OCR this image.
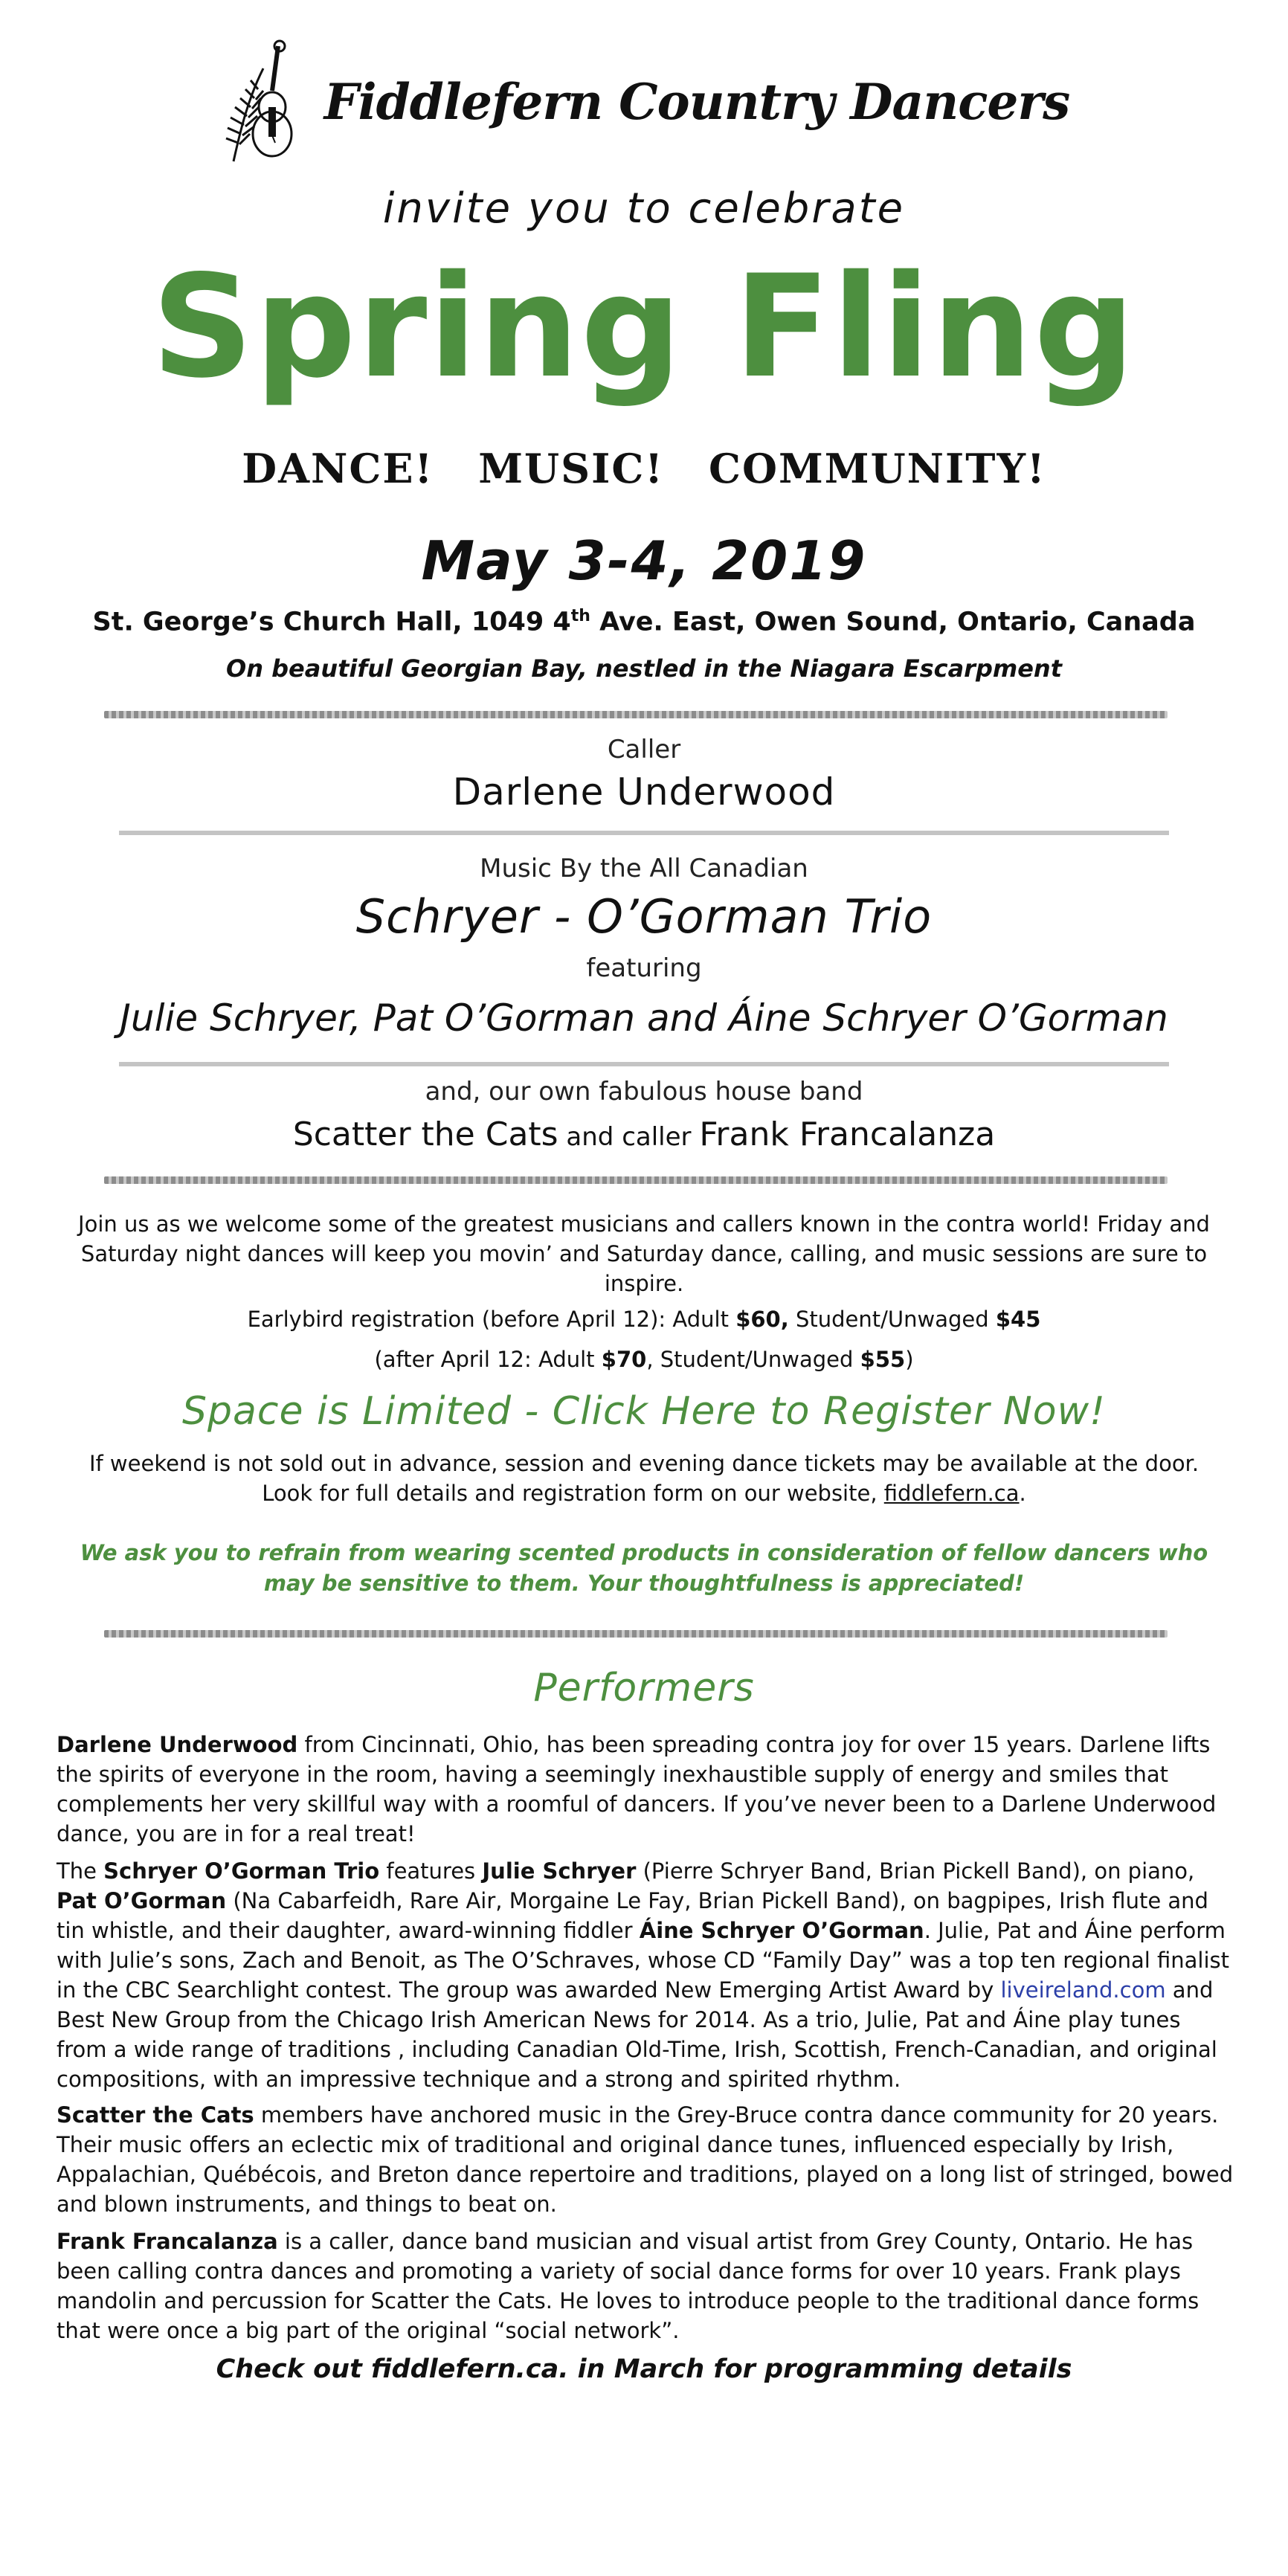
Fiddlefern Country Dancers
invite you to celebrate
Spring Fling
DANCE! MUSIC! COMMUNITY!
May 3-4, 2019
St. George’s Church Hall, 1049 4th Ave. East, Owen Sound, Ontario, Canada
On beautiful Georgian Bay, nestled in the Niagara Escarpment
Caller
Darlene Underwood
Music By the All Canadian
Schryer - O’Gorman Trio
featuring
Julie Schryer, Pat O’Gorman and Áine Schryer O’Gorman
and, our own fabulous house band
Scatter the Cats and caller Frank Francalanza
Join us as we welcome some of the greatest musicians and callers known in the contra world! Friday and Saturday night dances will keep you movin’ and Saturday dance, calling, and music sessions are sure to inspire.
Earlybird registration (before April 12): Adult $60, Student/Unwaged $45
(after April 12: Adult $70, Student/Unwaged $55)
Space is Limited - Click Here to Register Now!
If weekend is not sold out in advance, session and evening dance tickets may be available at the door.
Look for full details and registration form on our website, fiddlefern.ca.
We ask you to refrain from wearing scented products in consideration of fellow dancers who may be sensitive to them. Your thoughtfulness is appreciated!
Performers
Darlene Underwood from Cincinnati, Ohio, has been spreading contra joy for over 15 years. Darlene lifts the spirits of everyone in the room, having a seemingly inexhaustible supply of energy and smiles that complements her very skillful way with a roomful of dancers. If you’ve never been to a Darlene Underwood dance, you are in for a real treat!
The Schryer O’Gorman Trio features Julie Schryer (Pierre Schryer Band, Brian Pickell Band), on piano, Pat O’Gorman (Na Cabarfeidh, Rare Air, Morgaine Le Fay, Brian Pickell Band), on bagpipes, Irish flute and tin whistle, and their daughter, award-winning fiddler Áine Schryer O’Gorman. Julie, Pat and Áine perform with Julie’s sons, Zach and Benoit, as The O’Schraves, whose CD “Family Day” was a top ten regional finalist in the CBC Searchlight contest. The group was awarded New Emerging Artist Award by liveireland.com and Best New Group from the Chicago Irish American News for 2014. As a trio, Julie, Pat and Áine play tunes from a wide range of traditions , including Canadian Old-Time, Irish, Scottish, French-Canadian, and original compositions, with an impressive technique and a strong and spirited rhythm.
Scatter the Cats members have anchored music in the Grey-Bruce contra dance community for 20 years. Their music offers an eclectic mix of traditional and original dance tunes, influenced especially by Irish, Appalachian, Québécois, and Breton dance repertoire and traditions, played on a long list of stringed, bowed and blown instruments, and things to beat on.
Frank Francalanza is a caller, dance band musician and visual artist from Grey County, Ontario. He has been calling contra dances and promoting a variety of social dance forms for over 10 years. Frank plays mandolin and percussion for Scatter the Cats. He loves to introduce people to the traditional dance forms that were once a big part of the original “social network”.
Check out fiddlefern.ca. in March for programming details
